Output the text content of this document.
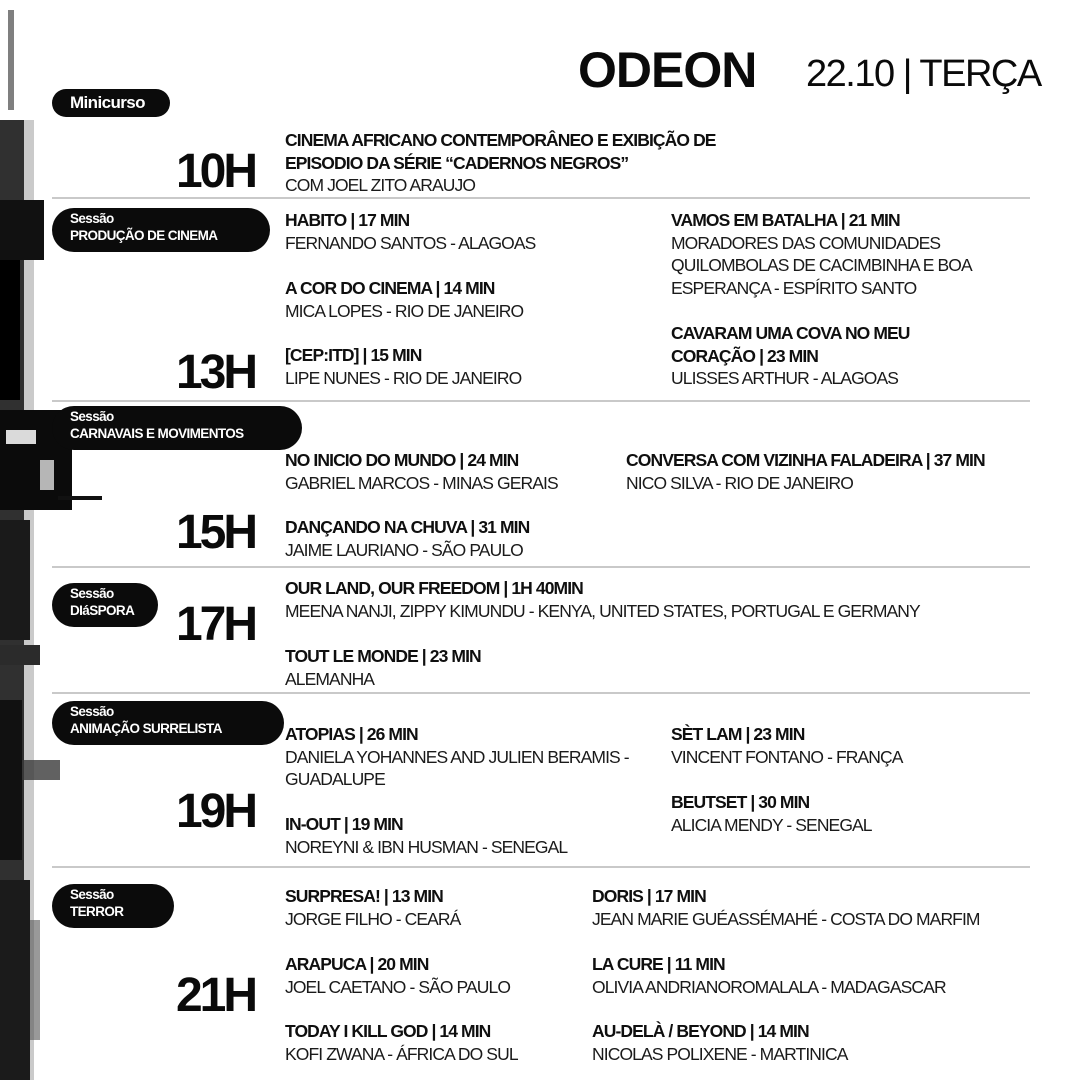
ODEON 22.10 | TERÇA
Minicurso
10H
CINEMA AFRICANO CONTEMPORÂNEO E EXIBIÇÃO DE
EPISODIO DA SÉRIE “CADERNOS NEGROS”
COM JOEL ZITO ARAUJO
Sessão
PRODUÇÃO DE CINEMA
13H
HABITO | 17 MIN
FERNANDO SANTOS - ALAGOAS
A COR DO CINEMA | 14 MIN
MICA LOPES - RIO DE JANEIRO
[CEP:ITD] | 15 MIN
LIPE NUNES - RIO DE JANEIRO
VAMOS EM BATALHA | 21 MIN
MORADORES DAS COMUNIDADES
QUILOMBOLAS DE CACIMBINHA E BOA
ESPERANÇA - ESPÍRITO SANTO
CAVARAM UMA COVA NO MEU
CORAÇÃO | 23 MIN
ULISSES ARTHUR - ALAGOAS
Sessão
CARNAVAIS E MOVIMENTOS
15H
NO INICIO DO MUNDO | 24 MIN
GABRIEL MARCOS - MINAS GERAIS
CONVERSA COM VIZINHA FALADEIRA | 37 MIN
NICO SILVA - RIO DE JANEIRO
DANÇANDO NA CHUVA | 31 MIN
JAIME LAURIANO - SÃO PAULO
Sessão
DIáSPORA 17H
OUR LAND, OUR FREEDOM | 1H 40MIN
MEENA NANJI, ZIPPY KIMUNDU - KENYA, UNITED STATES, PORTUGAL E GERMANY
TOUT LE MONDE | 23 MIN
ALEMANHA
Sessão
ANIMAÇÃO SURRELISTA
19H
ATOPIAS | 26 MIN
DANIELA YOHANNES AND JULIEN BERAMIS -
GUADALUPE
IN-OUT | 19 MIN
NOREYNI & IBN HUSMAN - SENEGAL
SÈT LAM | 23 MIN
VINCENT FONTANO - FRANÇA
BEUTSET | 30 MIN
ALICIA MENDY - SENEGAL
Sessão
TERROR
21H
SURPRESA! | 13 MIN
JORGE FILHO - CEARÁ
ARAPUCA | 20 MIN
JOEL CAETANO - SÃO PAULO
TODAY I KILL GOD | 14 MIN
KOFI ZWANA - ÁFRICA DO SUL
DORIS | 17 MIN
JEAN MARIE GUÉASSÉMAHÉ - COSTA DO MARFIM
LA CURE | 11 MIN
OLIVIA ANDRIANOROMALALA - MADAGASCAR
AU-DELÀ / BEYOND | 14 MIN
NICOLAS POLIXENE - MARTINICA
